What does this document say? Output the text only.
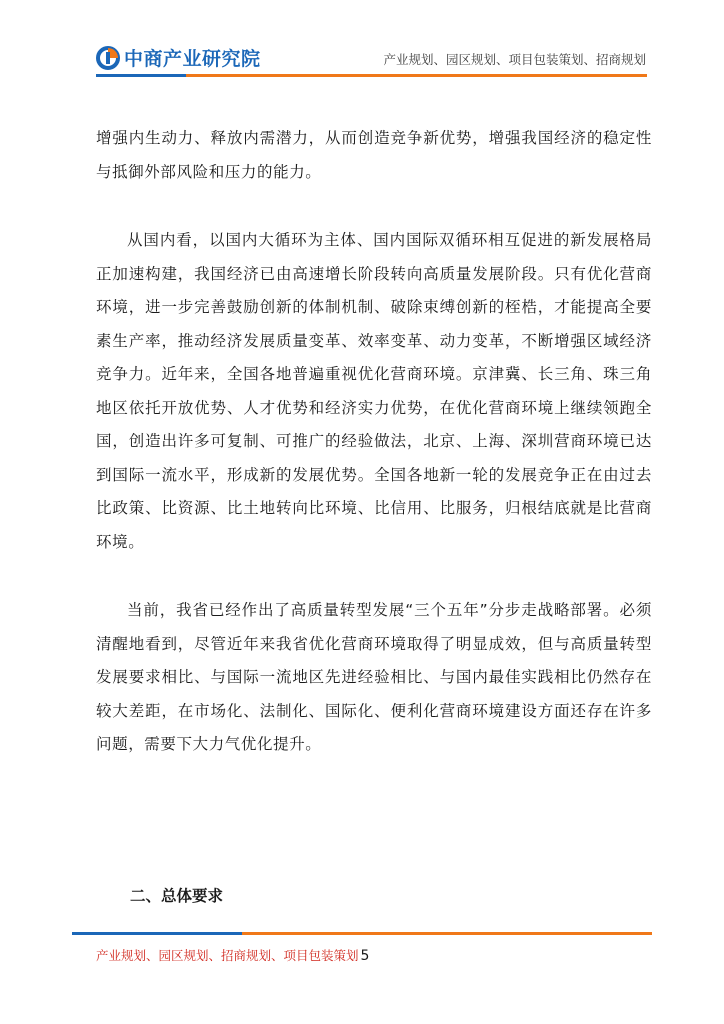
中商产业研究院	产业规划、园区规划、项目包装策划、招商规划

增强内生动力、释放内需潜力，从而创造竞争新优势，增强我国经济的稳定性与抵御外部风险和压力的能力。

从国内看，以国内大循环为主体、国内国际双循环相互促进的新发展格局正加速构建，我国经济已由高速增长阶段转向高质量发展阶段。只有优化营商环境，进一步完善鼓励创新的体制机制、破除束缚创新的桎梏，才能提高全要素生产率，推动经济发展质量变革、效率变革、动力变革，不断增强区域经济竞争力。近年来，全国各地普遍重视优化营商环境。京津冀、长三角、珠三角地区依托开放优势、人才优势和经济实力优势，在优化营商环境上继续领跑全国，创造出许多可复制、可推广的经验做法，北京、上海、深圳营商环境已达到国际一流水平，形成新的发展优势。全国各地新一轮的发展竞争正在由过去比政策、比资源、比土地转向比环境、比信用、比服务，归根结底就是比营商环境。

当前，我省已经作出了高质量转型发展“三个五年”分步走战略部署。必须清醒地看到，尽管近年来我省优化营商环境取得了明显成效，但与高质量转型发展要求相比、与国际一流地区先进经验相比、与国内最佳实践相比仍然存在较大差距，在市场化、法制化、国际化、便利化营商环境建设方面还存在许多问题，需要下大力气优化提升。

二、总体要求
产业规划、园区规划、招商规划、项目包装策划 5
